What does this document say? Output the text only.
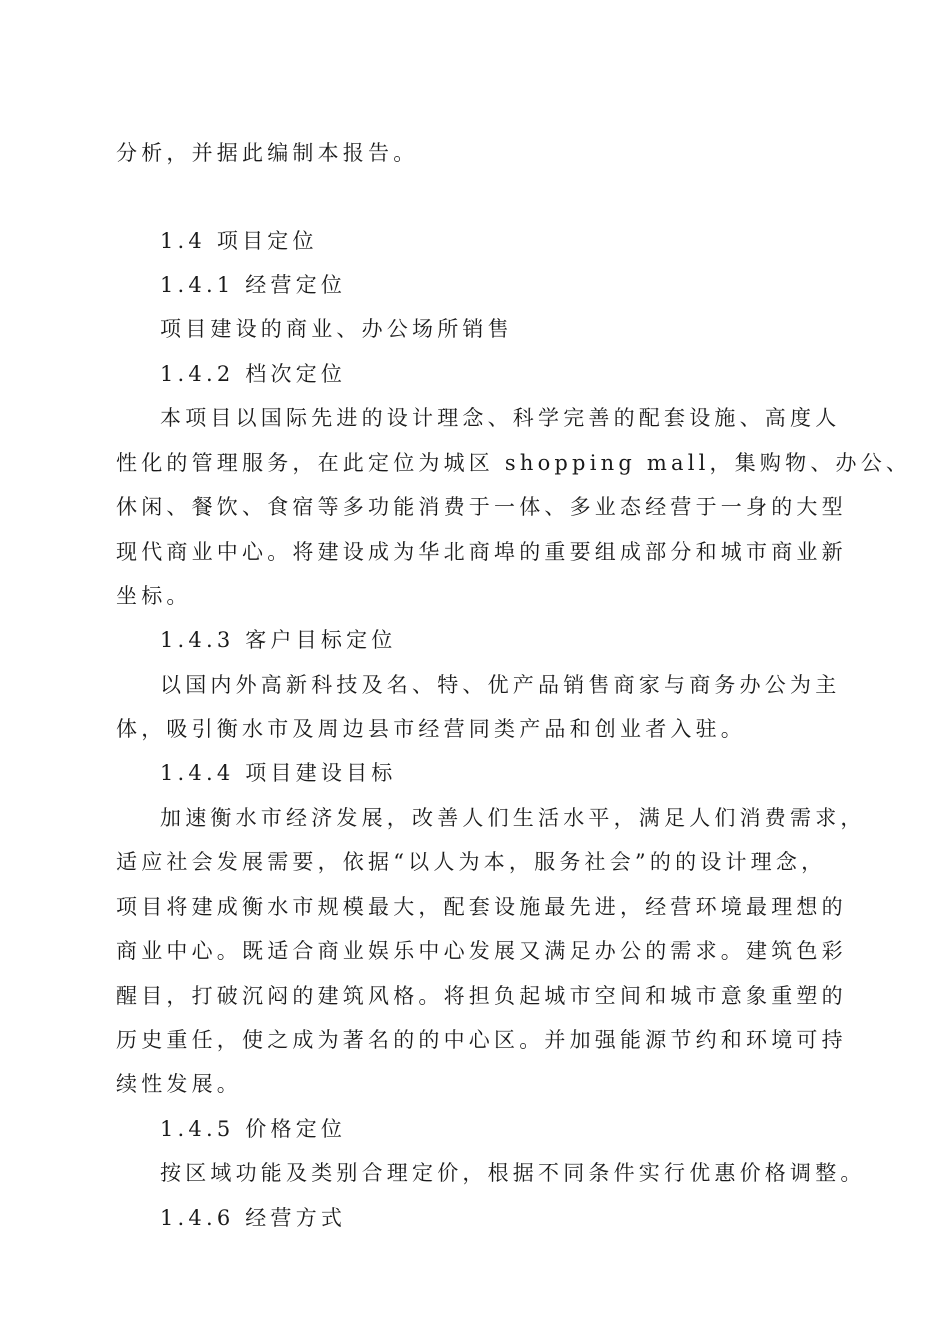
分析，并据此编制本报告。
1.4 项目定位
1.4.1 经营定位
项目建设的商业、办公场所销售
1.4.2 档次定位
本项目以国际先进的设计理念、科学完善的配套设施、高度人
性化的管理服务，在此定位为城区 shopping mall，集购物、办公、
休闲、餐饮、食宿等多功能消费于一体、多业态经营于一身的大型
现代商业中心。将建设成为华北商埠的重要组成部分和城市商业新
坐标。
1.4.3 客户目标定位
以国内外高新科技及名、特、优产品销售商家与商务办公为主
体，吸引衡水市及周边县市经营同类产品和创业者入驻。
1.4.4 项目建设目标
加速衡水市经济发展，改善人们生活水平，满足人们消费需求，
适应社会发展需要，依据“以人为本，服务社会”的的设计理念，
项目将建成衡水市规模最大，配套设施最先进，经营环境最理想的
商业中心。既适合商业娱乐中心发展又满足办公的需求。建筑色彩
醒目，打破沉闷的建筑风格。将担负起城市空间和城市意象重塑的
历史重任，使之成为著名的的中心区。并加强能源节约和环境可持
续性发展。
1.4.5 价格定位
按区域功能及类别合理定价，根据不同条件实行优惠价格调整。
1.4.6 经营方式
